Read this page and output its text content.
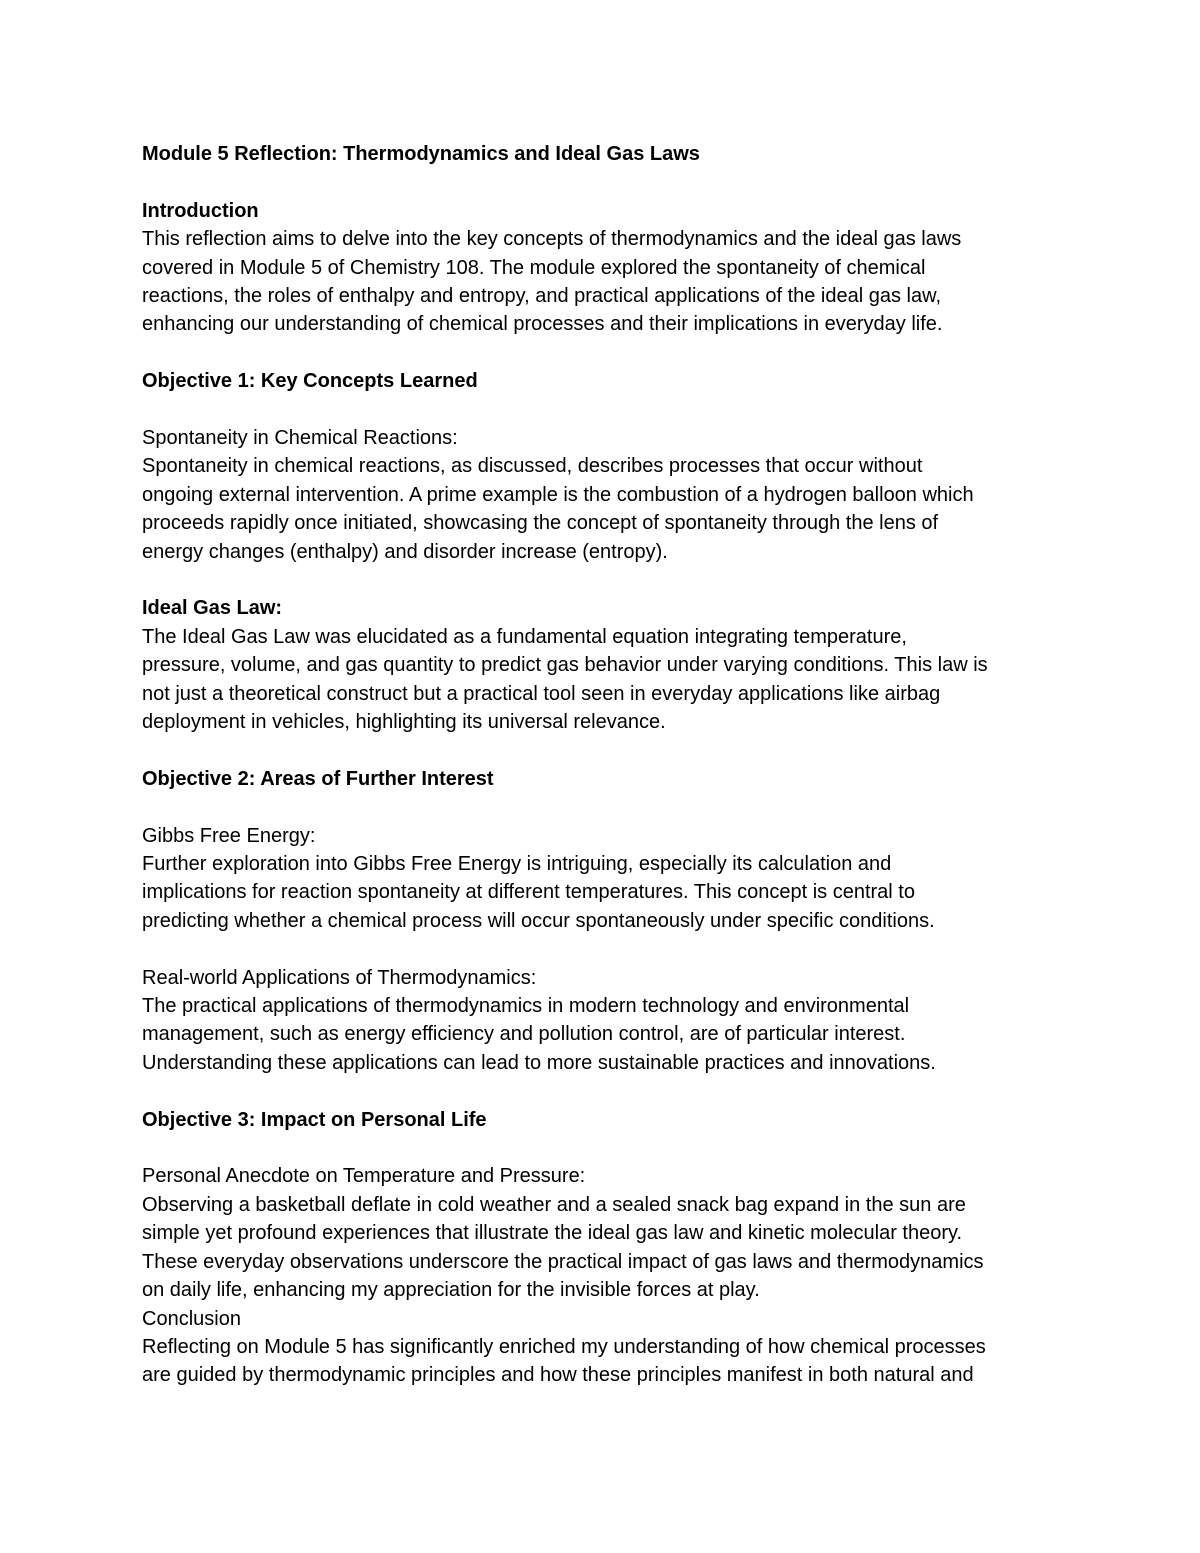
Module 5 Reflection: Thermodynamics and Ideal Gas Laws

Introduction

This reflection aims to delve into the key concepts of thermodynamics and the ideal gas laws

covered in Module 5 of Chemistry 108. The module explored the spontaneity of chemical

reactions, the roles of enthalpy and entropy, and practical applications of the ideal gas law,

enhancing our understanding of chemical processes and their implications in everyday life.

Objective 1: Key Concepts Learned

Spontaneity in Chemical Reactions:

Spontaneity in chemical reactions, as discussed, describes processes that occur without

ongoing external intervention. A prime example is the combustion of a hydrogen balloon which

proceeds rapidly once initiated, showcasing the concept of spontaneity through the lens of

energy changes (enthalpy) and disorder increase (entropy).

Ideal Gas Law:

The Ideal Gas Law was elucidated as a fundamental equation integrating temperature,

pressure, volume, and gas quantity to predict gas behavior under varying conditions. This law is

not just a theoretical construct but a practical tool seen in everyday applications like airbag

deployment in vehicles, highlighting its universal relevance.

Objective 2: Areas of Further Interest

Gibbs Free Energy:

Further exploration into Gibbs Free Energy is intriguing, especially its calculation and

implications for reaction spontaneity at different temperatures. This concept is central to

predicting whether a chemical process will occur spontaneously under specific conditions.

Real-world Applications of Thermodynamics:

The practical applications of thermodynamics in modern technology and environmental

management, such as energy efficiency and pollution control, are of particular interest.

Understanding these applications can lead to more sustainable practices and innovations.

Objective 3: Impact on Personal Life

Personal Anecdote on Temperature and Pressure:

Observing a basketball deflate in cold weather and a sealed snack bag expand in the sun are

simple yet profound experiences that illustrate the ideal gas law and kinetic molecular theory.

These everyday observations underscore the practical impact of gas laws and thermodynamics

on daily life, enhancing my appreciation for the invisible forces at play.

Conclusion

Reflecting on Module 5 has significantly enriched my understanding of how chemical processes

are guided by thermodynamic principles and how these principles manifest in both natural and
